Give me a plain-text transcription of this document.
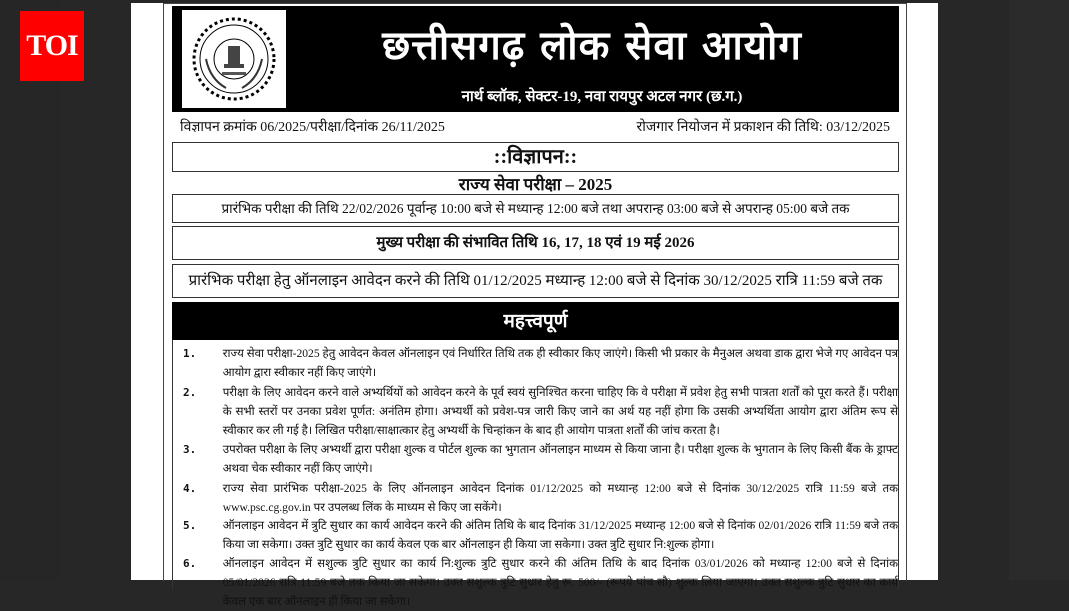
TOI	छत्तीसगढ़ लोक सेवा आयोग
नार्थ ब्लॉक, सेक्टर-19, नवा रायपुर अटल नगर (छ.ग.)
विज्ञापन क्रमांक 06/2025/परीक्षा/दिनांक 26/11/2025	रोजगार नियोजन में प्रकाशन की तिथि: 03/12/2025
::विज्ञापन::
राज्य सेवा परीक्षा – 2025
प्रारंभिक परीक्षा की तिथि 22/02/2026 पूर्वान्ह 10:00 बजे से मध्यान्ह 12:00 बजे तथा अपरान्ह 03:00 बजे से अपरान्ह 05:00 बजे तक
मुख्य परीक्षा की संभावित तिथि 16, 17, 18 एवं 19 मई 2026
प्रारंभिक परीक्षा हेतु ऑनलाइन आवेदन करने की तिथि 01/12/2025 मध्यान्ह 12:00 बजे से दिनांक 30/12/2025 रात्रि 11:59 बजे तक
महत्त्वपूर्ण
1.	राज्य सेवा परीक्षा-2025 हेतु आवेदन केवल ऑनलाइन एवं निर्धारित तिथि तक ही स्वीकार किए जाएंगे। किसी भी प्रकार के मैनुअल अथवा डाक द्वारा भेजे गए आवेदन पत्र आयोग द्वारा स्वीकार नहीं किए जाएंगे।
2.	परीक्षा के लिए आवेदन करने वाले अभ्यर्थियों को आवेदन करने के पूर्व स्वयं सुनिश्चित करना चाहिए कि वे परीक्षा में प्रवेश हेतु सभी पात्रता शर्तों को पूरा करते हैं। परीक्षा के सभी स्तरों पर उनका प्रवेश पूर्णत: अनंतिम होगा। अभ्यर्थी को प्रवेश-पत्र जारी किए जाने का अर्थ यह नहीं होगा कि उसकी अभ्यर्थिता आयोग द्वारा अंतिम रूप से स्वीकार कर ली गई है। लिखित परीक्षा/साक्षात्कार हेतु अभ्यर्थी के चिन्हांकन के बाद ही आयोग पात्रता शर्तों की जांच करता है।
3.	उपरोक्त परीक्षा के लिए अभ्यर्थी द्वारा परीक्षा शुल्क व पोर्टल शुल्क का भुगतान ऑनलाइन माध्यम से किया जाना है। परीक्षा शुल्क के भुगतान के लिए किसी बैंक के ड्राफ्ट अथवा चेक स्वीकार नहीं किए जाएंगे।
4.	राज्य सेवा प्रारंभिक परीक्षा-2025 के लिए ऑनलाइन आवेदन दिनांक 01/12/2025 को मध्यान्ह 12:00 बजे से दिनांक 30/12/2025 रात्रि 11:59 बजे तक www.psc.cg.gov.in पर उपलब्ध लिंक के माध्यम से किए जा सकेंगे।
5.	ऑनलाइन आवेदन में त्रुटि सुधार का कार्य आवेदन करने की अंतिम तिथि के बाद दिनांक 31/12/2025 मध्यान्ह 12:00 बजे से दिनांक 02/01/2026 रात्रि 11:59 बजे तक किया जा सकेगा। उक्त त्रुटि सुधार का कार्य केवल एक बार ऑनलाइन ही किया जा सकेगा। उक्त त्रुटि सुधार नि:शुल्क होगा।
6.	ऑनलाइन आवेदन में सशुल्क त्रुटि सुधार का कार्य नि:शुल्क त्रुटि सुधार करने की अंतिम तिथि के बाद दिनांक 03/01/2026 को मध्यान्ह 12:00 बजे से दिनांक 05/01/2026 रात्रि 11:59 बजे तक किया जा सकेगा। उक्त सशुल्क त्रुटि सुधार हेतु रू. 500/- (रूपये पांच सौ) शुल्क लिया जाएगा। उक्त सशुल्क त्रुटि सुधार का कार्य केवल एक बार ऑनलाइन ही किया जा सकेगा।
